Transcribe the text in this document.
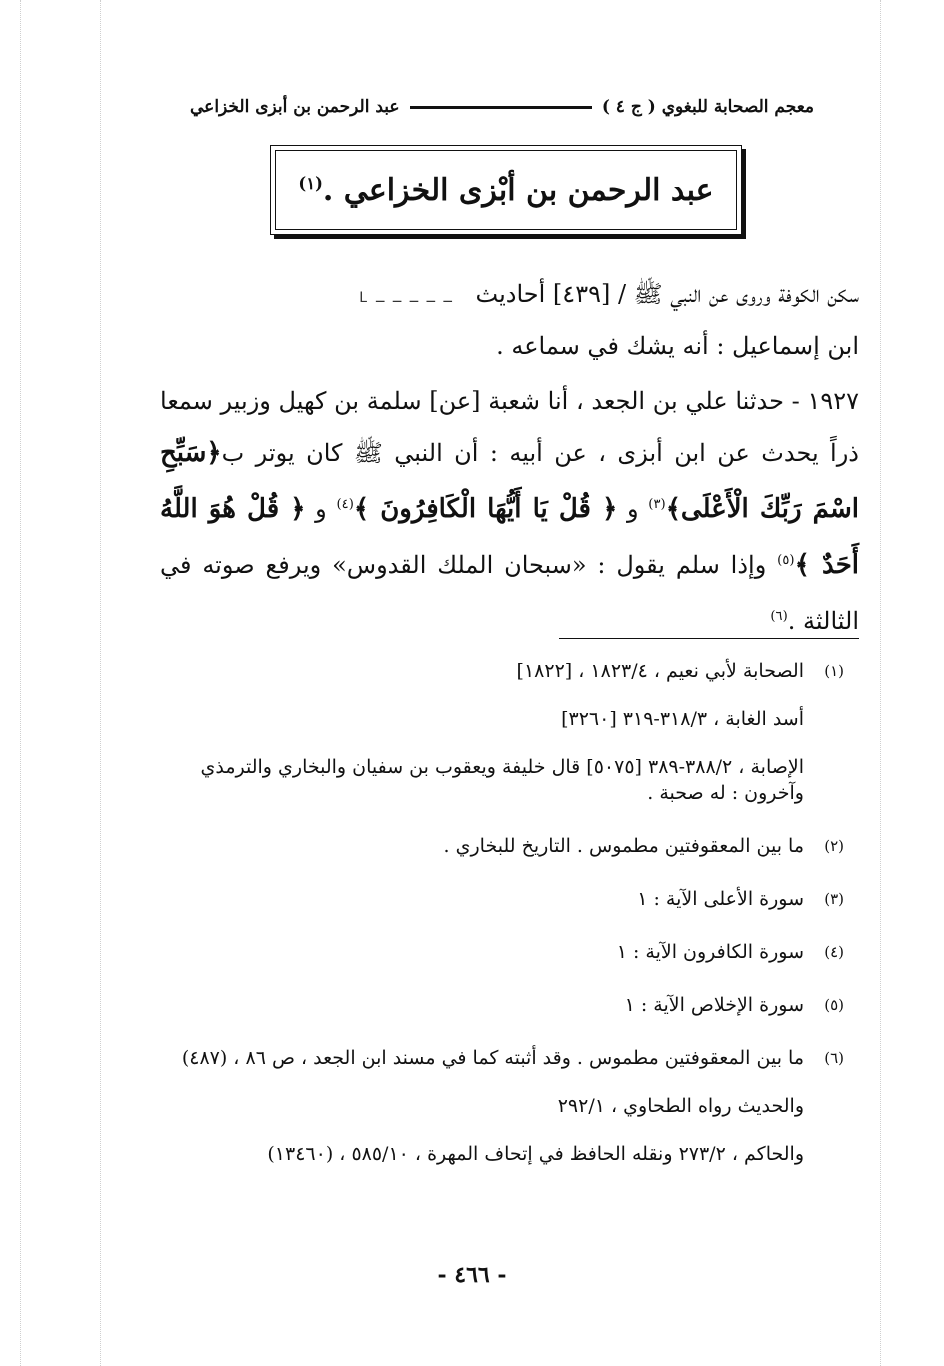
معجم الصحابة للبغوي ( ج ٤ )
عبد الرحمن بن أبزى الخزاعي
عبد الرحمن بن أبْزى الخزاعي .$^{(١)}$
سكن الكوفة وروى عن النبي ﷺ / [٤٣٩] أحاديث ـ ـ ـ ـ ـ L
ابن إسماعيل : أنه يشك في سماعه .
١٩٢٧ - حدثنا علي بن الجعد ، أنا شعبة [عن] سلمة بن كهيل وزبير سمعا ذراً يحدث عن ابن أبزى ، عن أبيه : أن النبي ﷺ كان يوتر ب﴿سَبِّحِ اسْمَ رَبِّكَ الْأَعْلَى﴾$^{(٣)}$ و ﴿ قُلْ يَا أَيُّهَا الْكَافِرُونَ ﴾$^{(٤)}$ و ﴿ قُلْ هُوَ اللَّهُ أَحَدٌ ﴾$^{(٥)}$ وإذا سلم يقول : «سبحان الملك القدوس» ويرفع صوته في الثالثة .$^{(٦)}$
(١)

الصحابة لأبي نعيم ، ١٨٢٣/٤ ، [١٨٢٢]

أسد الغابة ، ٣١٨/٣-٣١٩ [٣٢٦٠]

الإصابة ، ٣٨٨/٢-٣٨٩ [٥٠٧٥] قال خليفة ويعقوب بن سفيان والبخاري والترمذي وآخرون : له صحبة .

(٢)

ما بين المعقوفتين مطموس . التاريخ للبخاري .

(٣)

سورة الأعلى الآية : ١

(٤)

سورة الكافرون الآية : ١

(٥)

سورة الإخلاص الآية : ١

(٦)

ما بين المعقوفتين مطموس . وقد أثبته كما في مسند ابن الجعد ، ص ٨٦ ، (٤٨٧)

والحديث رواه الطحاوي ، ٢٩٢/١

والحاكم ، ٢٧٣/٢ ونقله الحافظ في إتحاف المهرة ، ٥٨٥/١٠ ، (١٣٤٦٠)

- ٤٦٦ -
